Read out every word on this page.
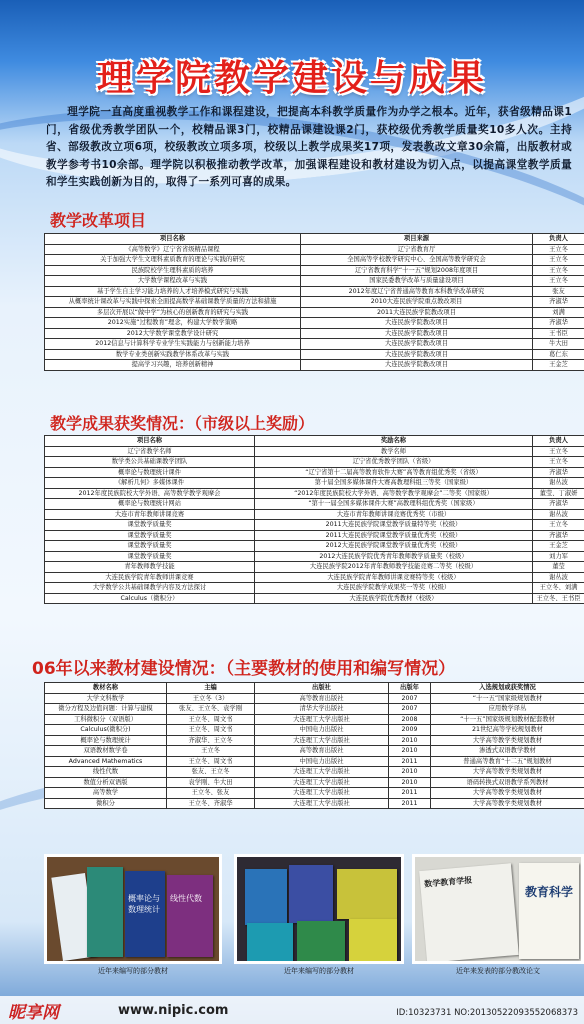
理学院教学建设与成果
理学院一直高度重视教学工作和课程建设，把提高本科教学质量作为办学之根本。近年，获省级精品课1门，省级优秀教学团队一个，校精品课3门，校精品课建设课2门，获校级优秀教学质量奖10多人次。主持省、部级教改立项6项，校级教改立项多项，校级以上教学成果奖17项，发表教改文章30余篇，出版教材或教学参考书10余部。理学院以积极推动教学改革，加强课程建设和教材建设为切入点，以提高课堂教学质量和学生实践创新为目的，取得了一系列可喜的成果。
教学改革项目
项目名称	项目来源	负责人
《高等数学》辽宁省省级精品课程	辽宁省教育厅	王立冬
关于加强大学生文理科素质教育的理论与实践的研究	全国高等学校教学研究中心、全国高等教学研究会	王立冬
民族院校学生理科素质的培养	辽宁省教育科学“十一五”规划2008年度项目	王立冬
大学数学课程改革与实践	国家民委教学改革与质量建设项目	王立冬
基于学生自主学习能力培养的人才培养模式研究与实践	2012年度辽宁省普通高等教育本科教学改革研究	张友
从概率统计课改革与实践中探索全面提高数学基础课教学质量的方法和措施	2010大连民族学院重点教改项目	齐淑华
多层次开展以“做中学”为核心的创新教育的研究与实践	2011大连民族学院教改项目	刘满
2012实施“过程教育”理念，构建大学数学策略	大连民族学院教改项目	齐淑华
2012大学数学课堂教学设计研究	大连民族学院教改项目	王书臣
2012信息与计算科学专业学生实践能力与创新能力培养	大连民族学院教改项目	牛大田
数学专业类创新实践教学体系改革与实践	大连民族学院教改项目	葛仁东
提高学习兴趣，培养创新精神	大连民族学院教改项目	王金芝
教学成果获奖情况：（市级以上奖励）
项目名称	奖励名称	负责人
辽宁省教学名师	教学名师	王立冬
数学类公共基础课教学团队	辽宁省优秀教学团队（省级）	王立冬
概率论与数理统计课件	“辽宁省第十二届高等教育软件大赛”高等教育组优秀奖（省级）	齐淑华
《解析几何》多媒体课件	第十届全国多媒体课件大赛高教理科组三等奖（国家级）	谢丛波
2012年度民族院校大学外语、高等数学教学观摩会	“2012年度民族院校大学外语、高等数学教学观摩会”二等奖（国家级）	董莹、丁淑妍
概率论与数理统计网站	“第十一届全国多媒体课件大赛”高教理科组优秀奖（国家级）	齐淑华
大连市青年教师讲课竞赛	大连市青年教师讲课竞赛优秀奖（市级）	谢丛波
课堂教学质量奖	2011大连民族学院课堂教学质量特等奖（校级）	王立冬
课堂教学质量奖	2011大连民族学院课堂教学质量优秀奖（校级）	齐淑华
课堂教学质量奖	2012大连民族学院课堂教学质量优秀奖（校级）	王金芝
课堂教学质量奖	2012大连民族学院优秀青年教师教学质量奖（校级）	刘力军
青年教师教学技能	大连民族学院2012年青年教师教学技能竞赛二等奖（校级）	董莹
大连民族学院青年教师讲课竞赛	大连民族学院青年教师讲课竞赛特等奖（校级）	谢丛波
大学数学公共基础课教学内容及方法探讨	大连民族学院教学成果奖一等奖（校级）	王立冬、刘满
Calculus（微积分）	大连民族学院优秀教材（校级）	王立冬、王书臣
06年以来教材建设情况：（主要教材的使用和编写情况）
教材名称	主编	出版社	出版年	入选规划或获奖情况
大学文科数学	王立冬（3）	高等教育出版社	2007	“十一五”国家级规划教材
微分方程及边值问题：计算与建模	张友、王立冬、袁学刚	清华大学出版社	2007	应用数学译丛
工科微积分（双语版）	王立冬、周文书	大连理工大学出版社	2008	“十一五”国家级规划教材配套教材
Calculus(微积分)	王立冬、周文书	中国电力出版社	2009	21世纪高等学校规划教材
概率论与数理统计	齐淑华、王立冬	大连理工大学出版社	2010	大学高等教学类规划教材
双语教材数学卷	王立冬	高等教育出版社	2010	渗透式双语教学教材
Advanced Mathematics	王立冬、周文书	中国电力出版社	2011	普通高等教育“十二五”规划教材
线性代数	张友、王立冬	大连理工大学出版社	2010	大学高等教学类规划教材
数值分析双语版	袁学刚、牛大田	大连理工大学出版社	2010	语码转换式双语教学系列教材
高等数学	王立冬、张友	大连理工大学出版社	2011	大学高等教学类规划教材
微积分	王立冬、齐淑华	大连理工大学出版社	2011	大学高等教学类规划教材
概率论与数理统计
线性代数
数学教育学报
教育科学
近年来编写的部分教材	近年来编写的部分教材	近年来发表的部分教改论文
昵享网	www.nipic.com	ID:10323731 NO:20130522093552068373
